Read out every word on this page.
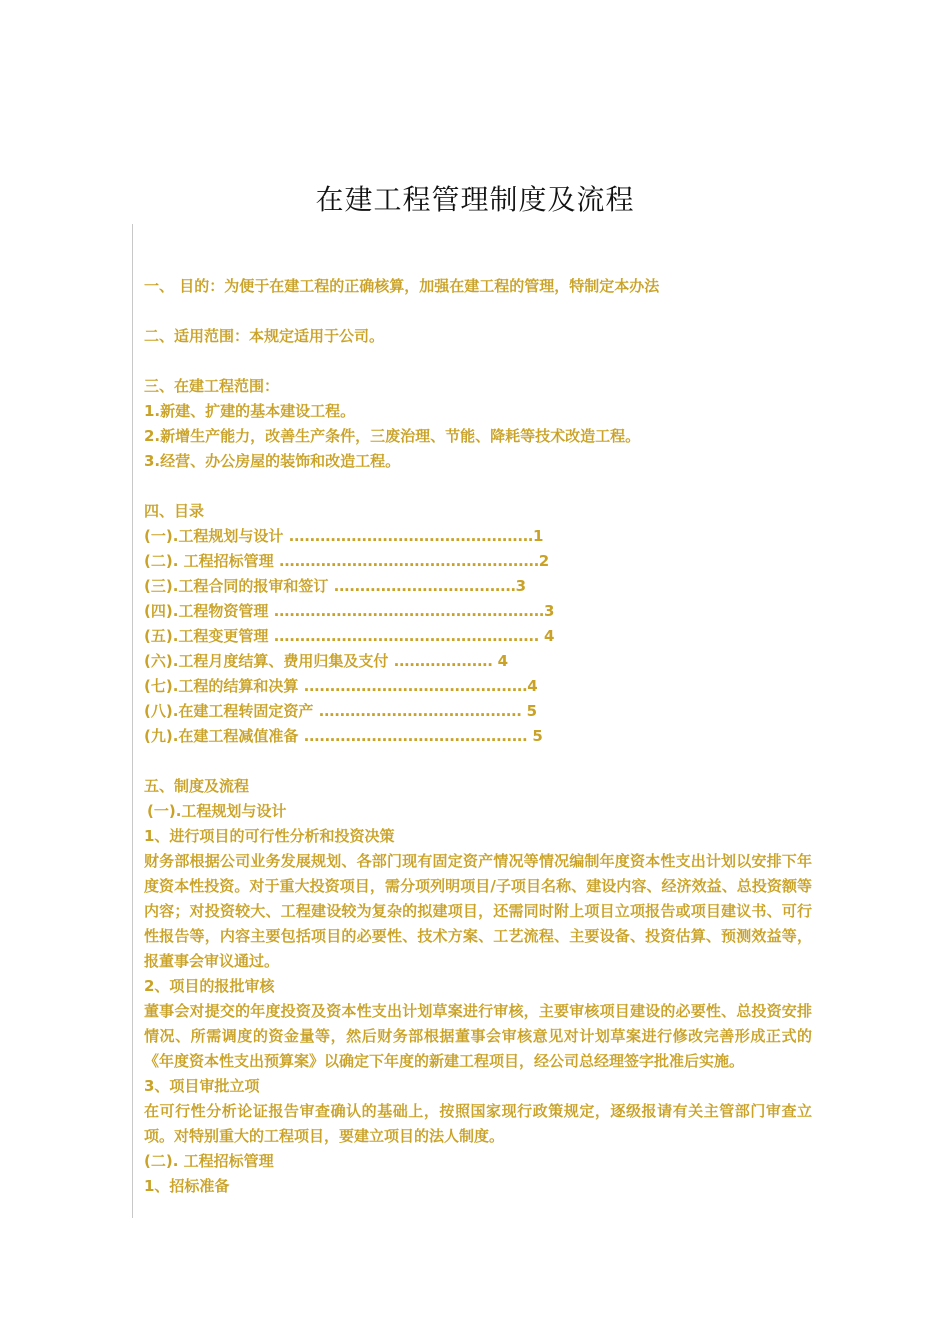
在建工程管理制度及流程
一、 目的：为便于在建工程的正确核算，加强在建工程的管理，特制定本办法
二、适用范围：本规定适用于公司。
三、在建工程范围：
1.新建、扩建的基本建设工程。
2.新增生产能力，改善生产条件，三废治理、节能、降耗等技术改造工程。
3.经营、办公房屋的装饰和改造工程。
四、目录
(一).工程规划与设计 ...............................................1
(二). 工程招标管理 ..................................................2
(三).工程合同的报审和签订 ...................................3
(四).工程物资管理 ....................................................3
(五).工程变更管理 ................................................... 4
(六).工程月度结算、费用归集及支付 ................... 4
(七).工程的结算和决算 ...........................................4
(八).在建工程转固定资产 ....................................... 5
(九).在建工程减值准备 ........................................... 5
五、制度及流程
(一).工程规划与设计
1、进行项目的可行性分析和投资决策
财务部根据公司业务发展规划、各部门现有固定资产情况等情况编制年度资本性支出计划以安排下年度资本性投资。对于重大投资项目，需分项列明项目/子项目名称、建设内容、经济效益、总投资额等内容；对投资较大、工程建设较为复杂的拟建项目，还需同时附上项目立项报告或项目建议书、可行性报告等，内容主要包括项目的必要性、技术方案、工艺流程、主要设备、投资估算、预测效益等，报董事会审议通过。
2、项目的报批审核
董事会对提交的年度投资及资本性支出计划草案进行审核，主要审核项目建设的必要性、总投资安排情况、所需调度的资金量等，然后财务部根据董事会审核意见对计划草案进行修改完善形成正式的《年度资本性支出预算案》以确定下年度的新建工程项目，经公司总经理签字批准后实施。
3、项目审批立项
在可行性分析论证报告审查确认的基础上，按照国家现行政策规定，逐级报请有关主管部门审查立项。对特别重大的工程项目，要建立项目的法人制度。
(二). 工程招标管理
1、招标准备
